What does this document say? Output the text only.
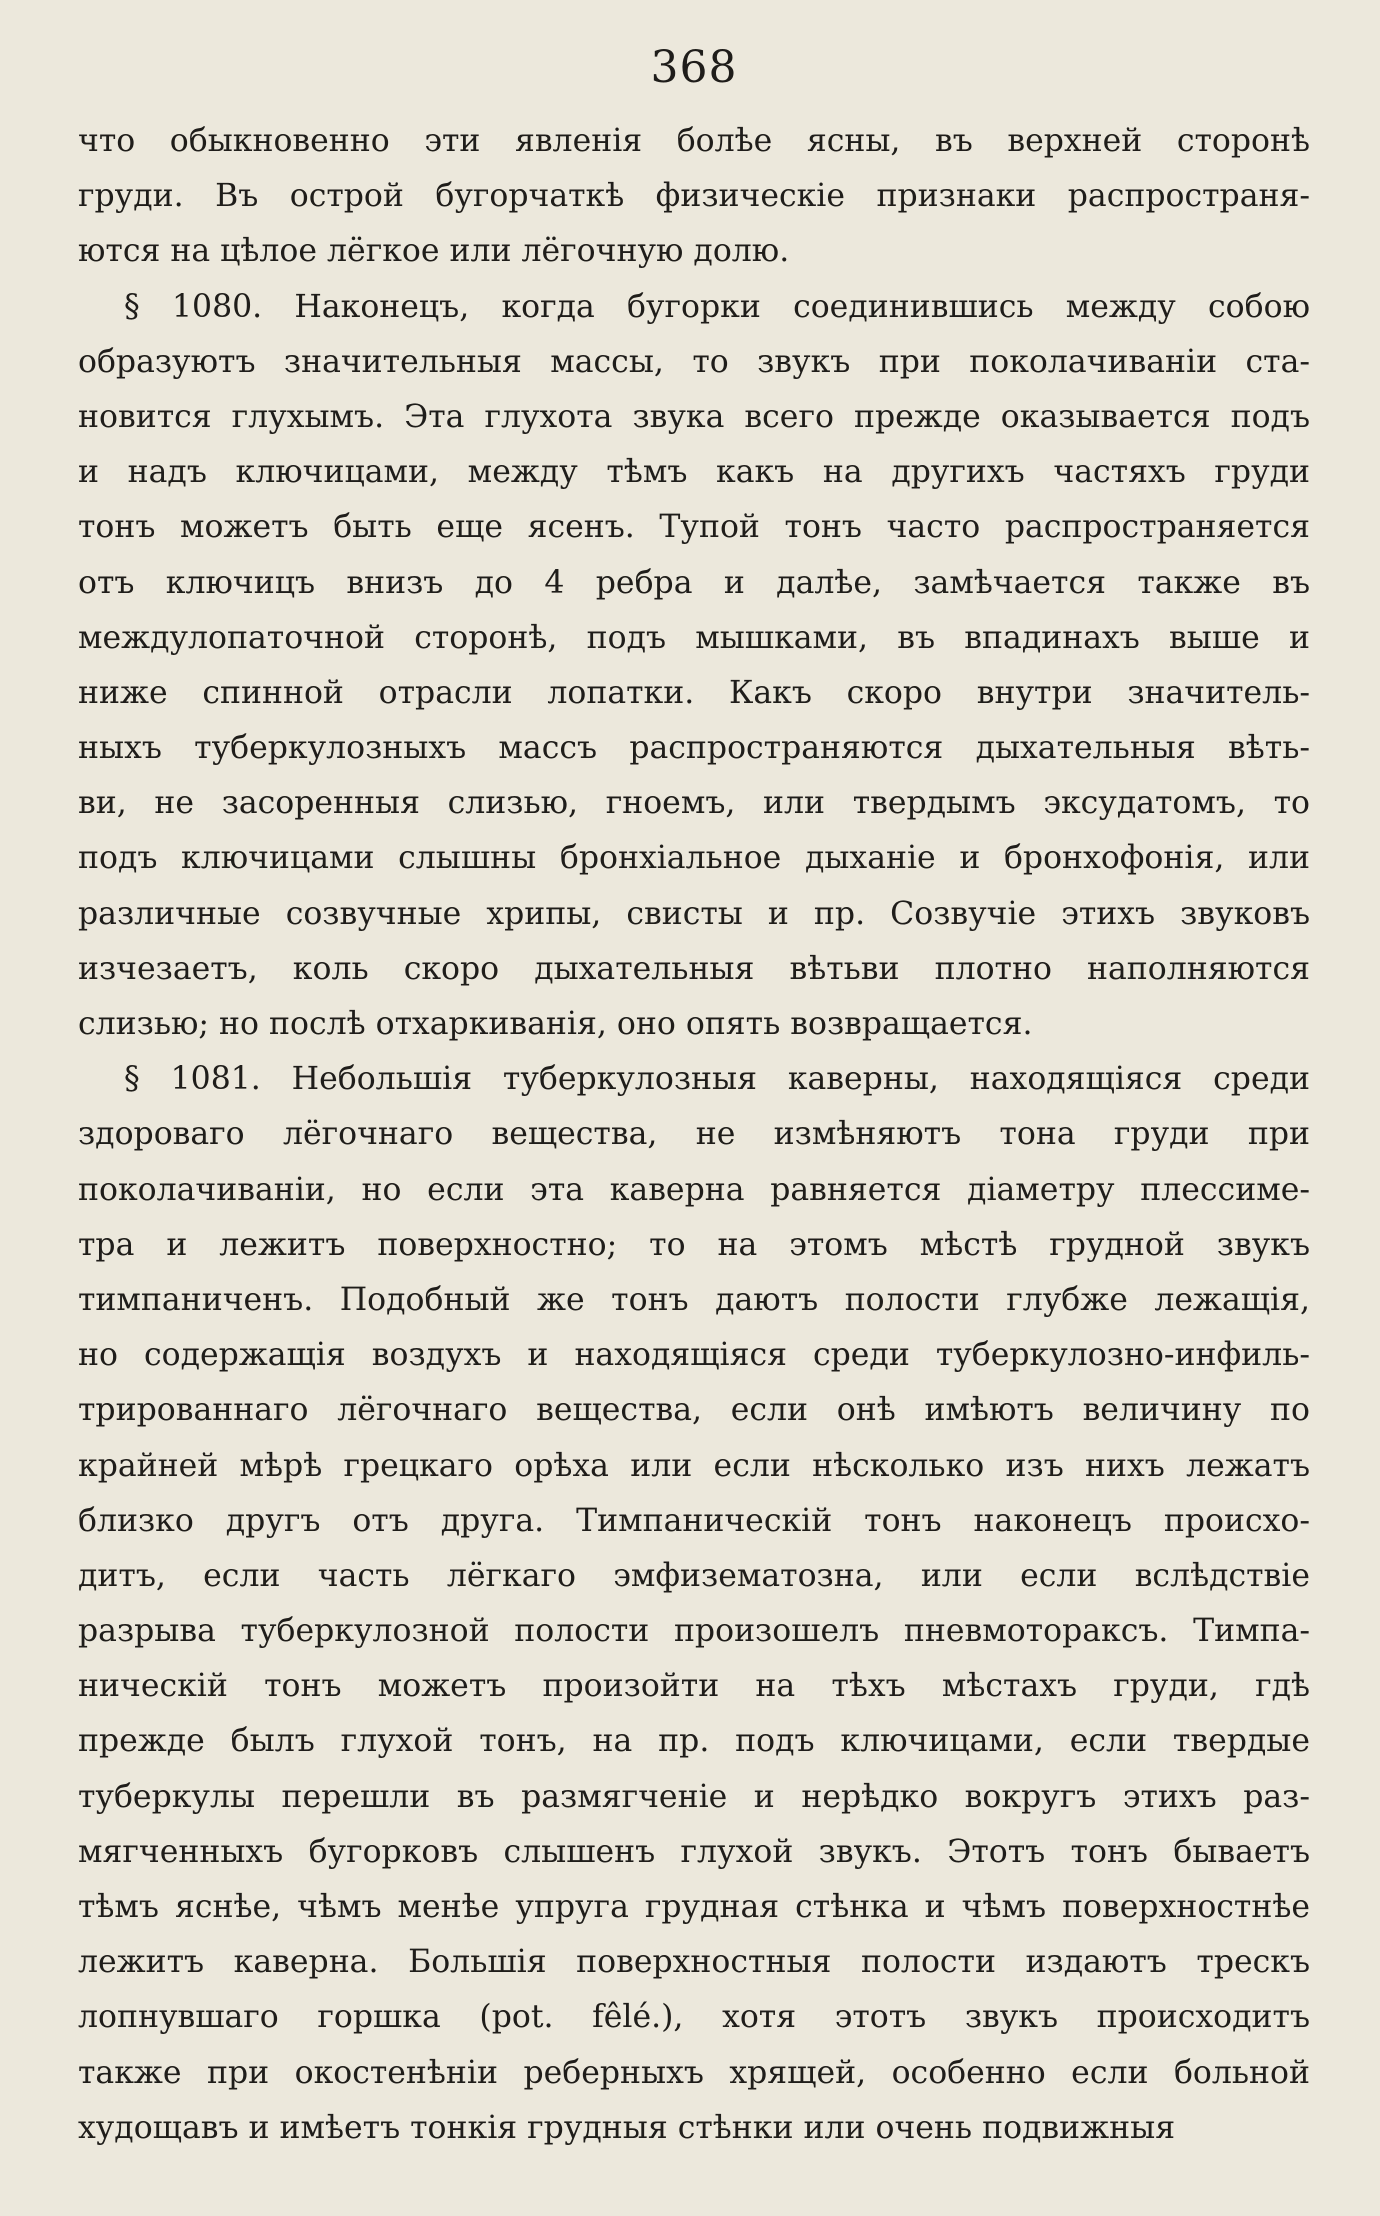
368
что обыкновенно эти явленія болѣе ясны, въ верхней сторонѣ
груди. Въ острой бугорчаткѣ физическіе признаки распространя-
ются на цѣлое лёгкое или лёгочную долю.
§ 1080. Наконецъ, когда бугорки соединившись между собою
образуютъ значительныя массы, то звукъ при поколачиваніи ста-
новится глухымъ. Эта глухота звука всего прежде оказывается подъ
и надъ ключицами, между тѣмъ какъ на другихъ частяхъ груди
тонъ можетъ быть еще ясенъ. Тупой тонъ часто распространяется
отъ ключицъ внизъ до 4 ребра и далѣе, замѣчается также въ
междулопаточной сторонѣ, подъ мышками, въ впадинахъ выше и
ниже спинной отрасли лопатки. Какъ скоро внутри значитель-
ныхъ туберкулозныхъ массъ распространяются дыхательныя вѣть-
ви, не засоренныя слизью, гноемъ, или твердымъ эксудатомъ, то
подъ ключицами слышны бронхіальное дыханіе и бронхофонія, или
различные созвучные хрипы, свисты и пр. Созвучіе этихъ звуковъ
изчезаетъ, коль скоро дыхательныя вѣтьви плотно наполняются
слизью; но послѣ отхаркиванія, оно опять возвращается.
§ 1081. Небольшія туберкулозныя каверны, находящіяся среди
здороваго лёгочнаго вещества, не измѣняютъ тона груди при
поколачиваніи, но если эта каверна равняется діаметру плессиме-
тра и лежитъ поверхностно; то на этомъ мѣстѣ грудной звукъ
тимпаниченъ. Подобный же тонъ даютъ полости глубже лежащія,
но содержащія воздухъ и находящіяся среди туберкулозно-инфиль-
трированнаго лёгочнаго вещества, если онѣ имѣютъ величину по
крайней мѣрѣ грецкаго орѣха или если нѣсколько изъ нихъ лежатъ
близко другъ отъ друга. Тимпаническій тонъ наконецъ происхо-
дитъ, если часть лёгкаго эмфизематозна, или если вслѣдствіе
разрыва туберкулозной полости произошелъ пневмотораксъ. Тимпа-
ническій тонъ можетъ произойти на тѣхъ мѣстахъ груди, гдѣ
прежде былъ глухой тонъ, на пр. подъ ключицами, если твердые
туберкулы перешли въ размягченіе и нерѣдко вокругъ этихъ раз-
мягченныхъ бугорковъ слышенъ глухой звукъ. Этотъ тонъ бываетъ
тѣмъ яснѣе, чѣмъ менѣе упруга грудная стѣнка и чѣмъ поверхностнѣе
лежитъ каверна. Большія поверхностныя полости издаютъ трескъ
лопнувшаго горшка (pot. fêlé.), хотя этотъ звукъ происходитъ
также при окостенѣніи реберныхъ хрящей, особенно если больной
худощавъ и имѣетъ тонкія грудныя стѣнки или очень подвижныя
